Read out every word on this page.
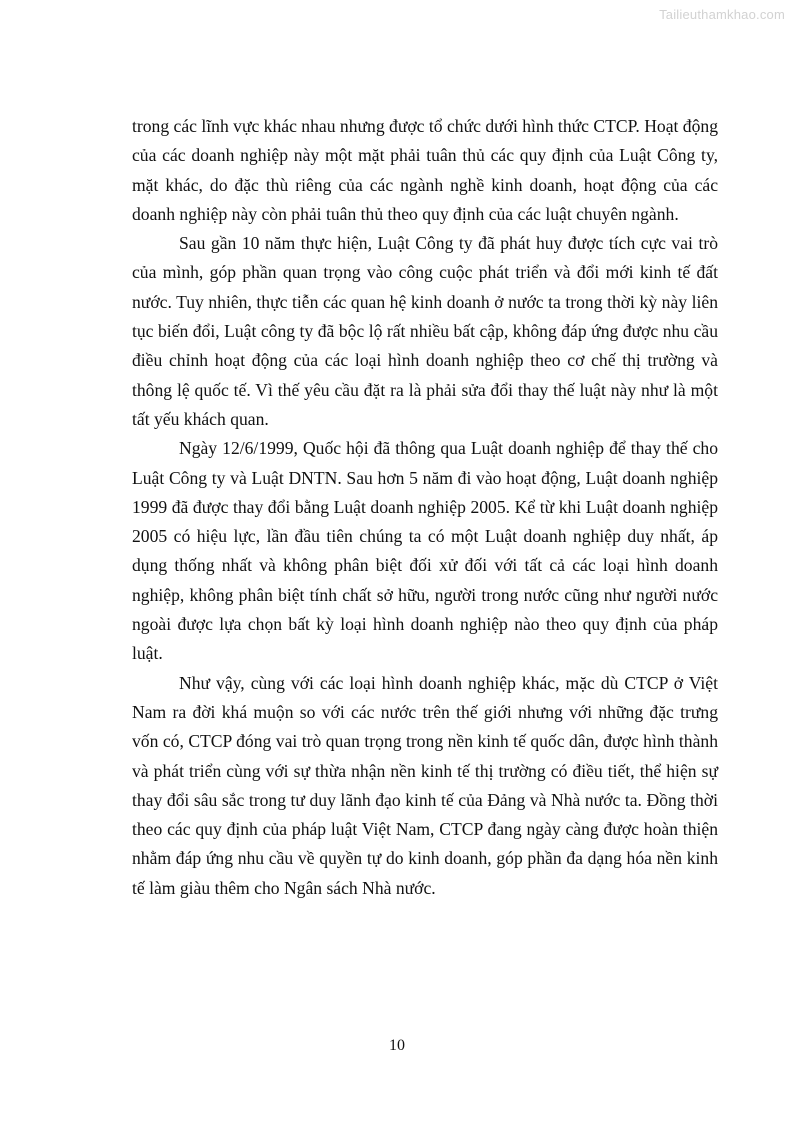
Tailieuthamkhao.com

trong các lĩnh vực khác nhau nhưng được tổ chức dưới hình thức CTCP. Hoạt động của các doanh nghiệp này một mặt phải tuân thủ các quy định của Luật Công ty, mặt khác, do đặc thù riêng của các ngành nghề kinh doanh, hoạt động của các doanh nghiệp này còn phải tuân thủ theo quy định của các luật chuyên ngành.

Sau gần 10 năm thực hiện, Luật Công ty đã phát huy được tích cực vai trò của mình, góp phần quan trọng vào công cuộc phát triển và đổi mới kinh tế đất nước. Tuy nhiên, thực tiễn các quan hệ kinh doanh ở nước ta trong thời kỳ này liên tục biến đổi, Luật công ty đã bộc lộ rất nhiều bất cập, không đáp ứng được nhu cầu điều chỉnh hoạt động của các loại hình doanh nghiệp theo cơ chế thị trường và thông lệ quốc tế. Vì thế yêu cầu đặt ra là phải sửa đổi thay thế luật này như là một tất yếu khách quan.

Ngày 12/6/1999, Quốc hội đã thông qua Luật doanh nghiệp để thay thế cho Luật Công ty và Luật DNTN. Sau hơn 5 năm đi vào hoạt động, Luật doanh nghiệp 1999 đã được thay đổi bằng Luật doanh nghiệp 2005. Kể từ khi Luật doanh nghiệp 2005 có hiệu lực, lần đầu tiên chúng ta có một Luật doanh nghiệp duy nhất, áp dụng thống nhất và không phân biệt đối xử đối với tất cả các loại hình doanh nghiệp, không phân biệt tính chất sở hữu, người trong nước cũng như người nước ngoài được lựa chọn bất kỳ loại hình doanh nghiệp nào theo quy định của pháp luật.

Như vậy, cùng với các loại hình doanh nghiệp khác, mặc dù CTCP ở Việt Nam ra đời khá muộn so với các nước trên thế giới nhưng với những đặc trưng vốn có, CTCP đóng vai trò quan trọng trong nền kinh tế quốc dân, được hình thành và phát triển cùng với sự thừa nhận nền kinh tế thị trường có điều tiết, thể hiện sự thay đổi sâu sắc trong tư duy lãnh đạo kinh tế của Đảng và Nhà nước ta. Đồng thời theo các quy định của pháp luật Việt Nam, CTCP đang ngày càng được hoàn thiện nhằm đáp ứng nhu cầu về quyền tự do kinh doanh, góp phần đa dạng hóa nền kinh tế làm giàu thêm cho Ngân sách Nhà nước.

10
